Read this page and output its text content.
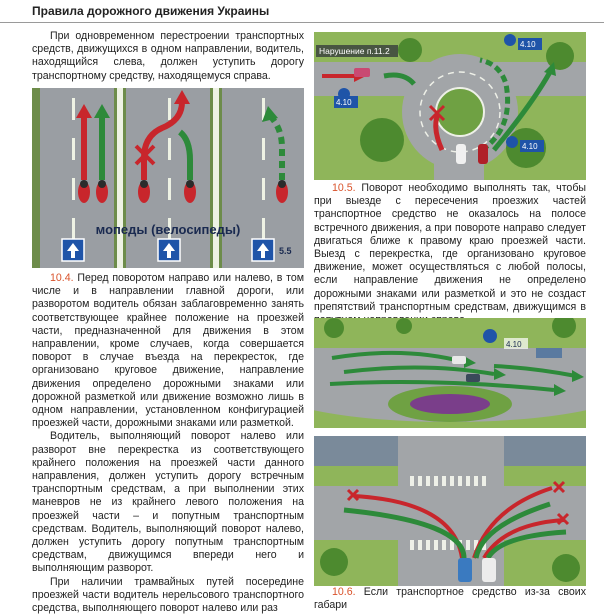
Правила дорожного движения Украины

При одновременном перестроении транспортных средств, движущихся в одном направлении, водитель, находящийся слева, должен уступить дорогу транспортному средству, находящемуся справа.

мопеды (велосипеды)
5.5

10.4. Перед поворотом направо или налево, в том числе и в направлении главной дороги, или разворотом водитель обязан заблаговременно занять соответствующее крайнее положение на проезжей части, предназначенной для движения в этом направлении, кроме случаев, когда совершается поворот в случае въезда на перекресток, где организовано круговое движение, направление движения определено дорожными знаками или дорожной разметкой или движение возможно лишь в одном направлении, установленном конфигурацией проезжей части, дорожными знаками или разметкой.

Водитель, выполняющий поворот налево или разворот вне перекрестка из соответствующего крайнего положения на проезжей части данного направления, должен уступить дорогу встречным транспортным средствам, а при выполнении этих маневров не из крайнего левого положения на проезжей части – и попутным транспортным средствам. Водитель, выполняющий поворот налево, должен уступить дорогу попутным транспортным средствам, движущимся впереди него и выполняющим разворот.

При наличии трамвайных путей посередине проезжей части водитель нерельсового транспортного средства, выполняющего поворот налево или раз

Нарушение п.11.2
4.10
4.10
4.10

10.5. Поворот необходимо выполнять так, чтобы при выезде с пересечения проезжих частей транспортное средство не оказалось на полосе встречного движения, а при повороте направо следует двигаться ближе к правому краю проезжей части. Выезд с перекрестка, где организовано круговое движение, может осуществляться с любой полосы, если направление движения не определено дорожными знаками или разметкой и это не создаст препятствий транспортным средствам, движущимся в

4.10

10.6. Если транспортное средство из-за своих габари
